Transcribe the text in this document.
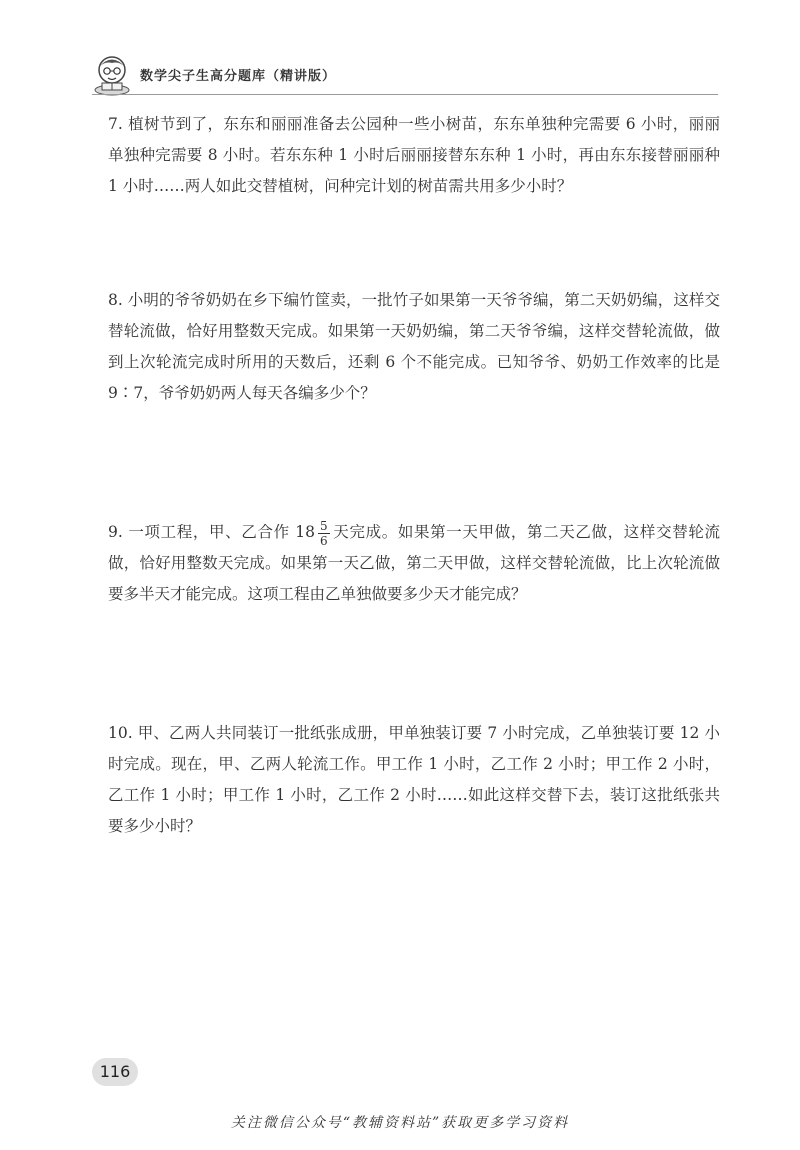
数学尖子生高分题库（精讲版）
7. 植树节到了，东东和丽丽准备去公园种一些小树苗，东东单独种完需要 6 小时，丽丽单独种完需要 8 小时。若东东种 1 小时后丽丽接替东东种 1 小时，再由东东接替丽丽种 1 小时……两人如此交替植树，问种完计划的树苗需共用多少小时？
8. 小明的爷爷奶奶在乡下编竹筐卖，一批竹子如果第一天爷爷编，第二天奶奶编，这样交替轮流做，恰好用整数天完成。如果第一天奶奶编，第二天爷爷编，这样交替轮流做，做到上次轮流完成时所用的天数后，还剩 6 个不能完成。已知爷爷、奶奶工作效率的比是 9∶7，爷爷奶奶两人每天各编多少个？
9. 一项工程，甲、乙合作 $18 \frac{5}{6}$ 天完成。如果第一天甲做，第二天乙做，这样交替轮流做，恰好用整数天完成。如果第一天乙做，第二天甲做，这样交替轮流做，比上次轮流做要多半天才能完成。这项工程由乙单独做要多少天才能完成？
10. 甲、乙两人共同装订一批纸张成册，甲单独装订要 7 小时完成，乙单独装订要 12 小时完成。现在，甲、乙两人轮流工作。甲工作 1 小时，乙工作 2 小时；甲工作 2 小时，乙工作 1 小时；甲工作 1 小时，乙工作 2 小时……如此这样交替下去，装订这批纸张共要多少小时？
116
关注微信公众号“教辅资料站”获取更多学习资料
